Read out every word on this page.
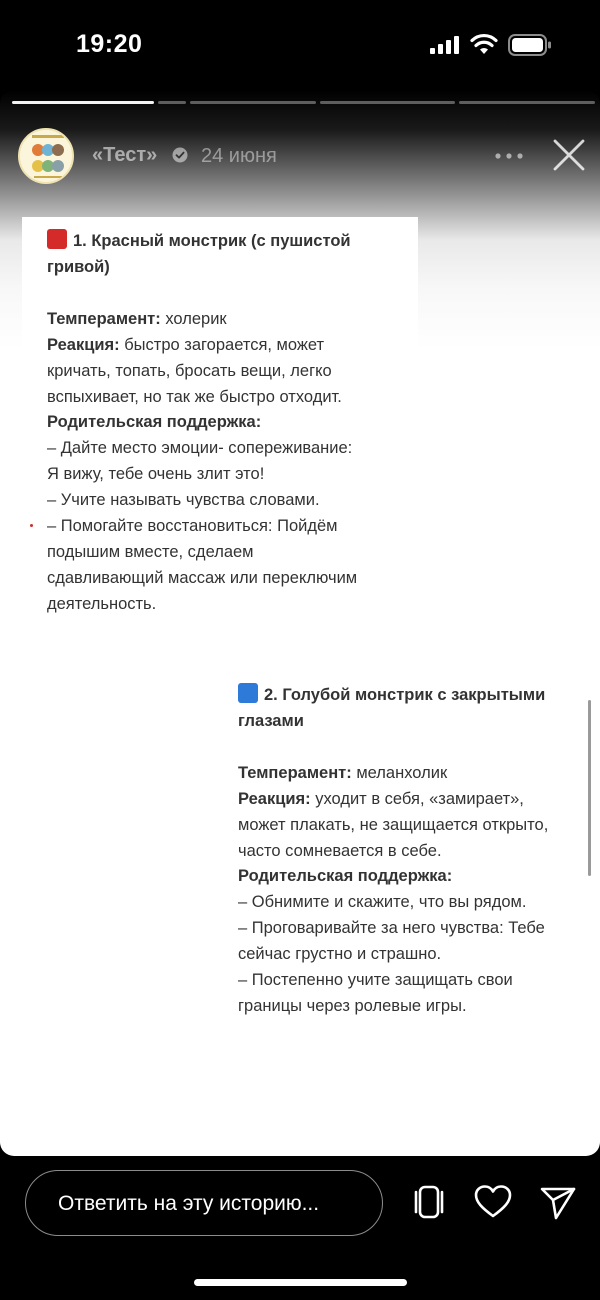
19:20
«Тест» 24 июня
1. Красный монстрик (с пушистой
гривой)
Темперамент: холерик
Реакция: быстро загорается, может
кричать, топать, бросать вещи, легко
вспыхивает, но так же быстро отходит.
Родительская поддержка:
– Дайте место эмоции- сопереживание:
Я вижу, тебе очень злит это!
– Учите называть чувства словами.
– Помогайте восстановиться: Пойдём
подышим вместе, сделаем
сдавливающий массаж или переключим
деятельность.
2. Голубой монстрик с закрытыми
глазами
Темперамент: меланхолик
Реакция: уходит в себя, «замирает»,
может плакать, не защищается открыто,
часто сомневается в себе.
Родительская поддержка:
– Обнимите и скажите, что вы рядом.
– Проговаривайте за него чувства: Тебе
сейчас грустно и страшно.
– Постепенно учите защищать свои
границы через ролевые игры.
Ответить на эту историю...
